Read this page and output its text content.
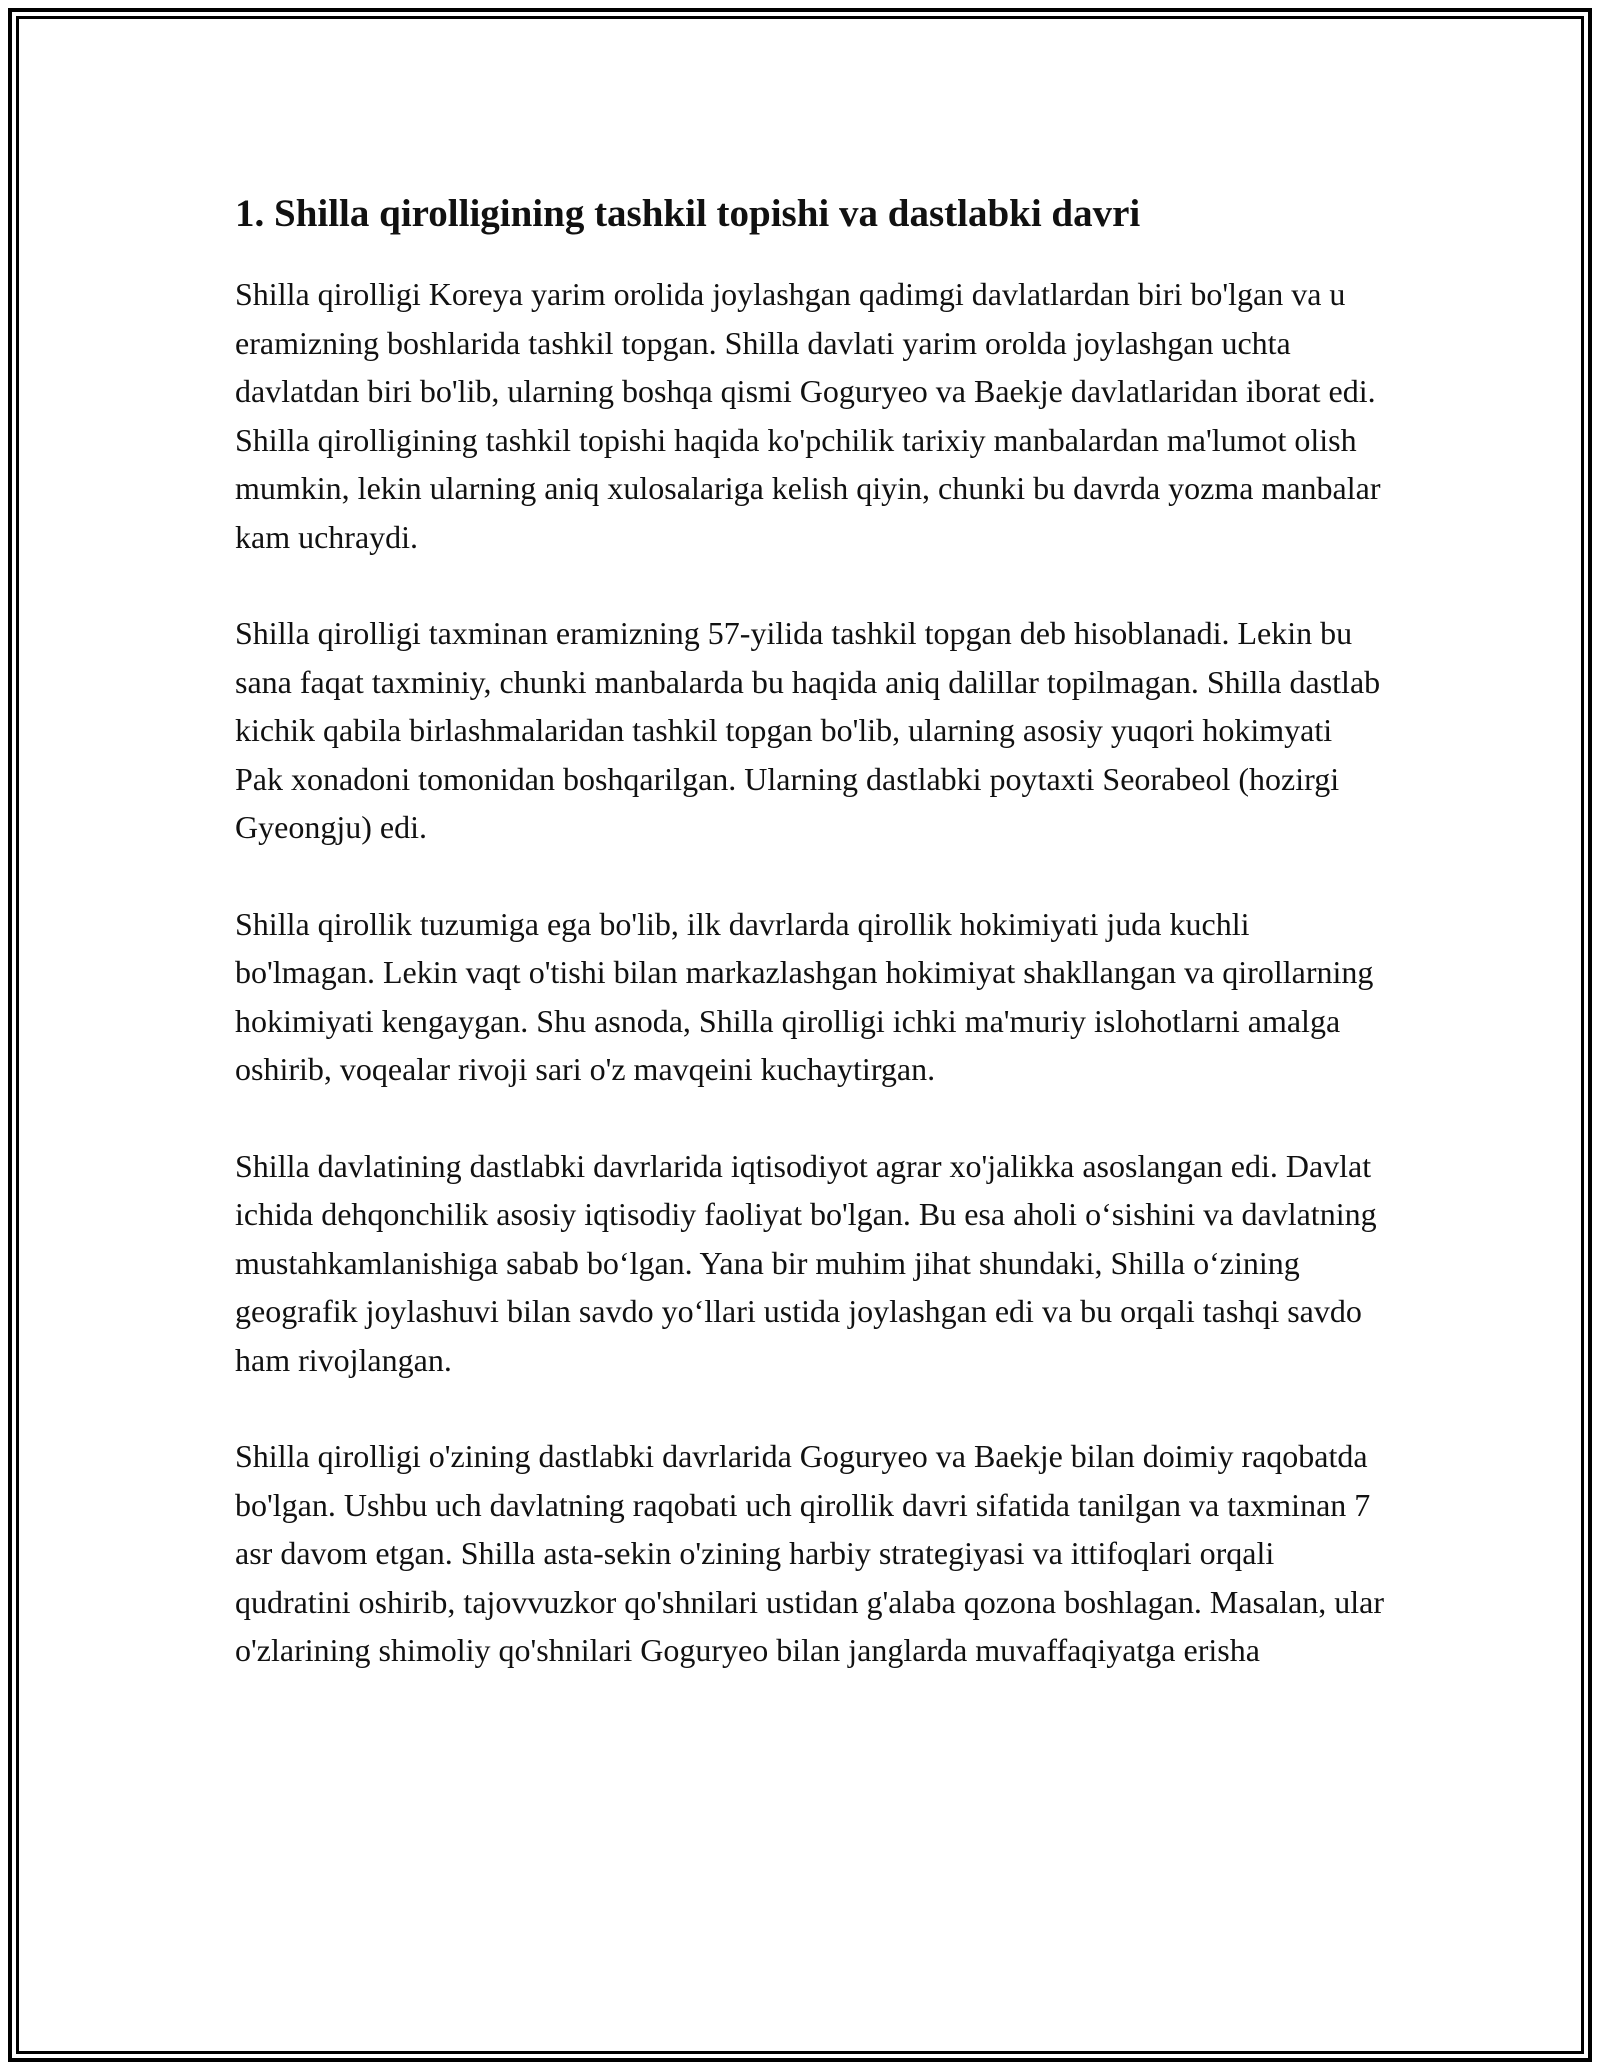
1. Shilla qirolligining tashkil topishi va dastlabki davri

Shilla qirolligi Koreya yarim orolida joylashgan qadimgi davlatlardan biri bo'lgan va u eramizning boshlarida tashkil topgan. Shilla davlati yarim orolda joylashgan uchta davlatdan biri bo'lib, ularning boshqa qismi Goguryeo va Baekje davlatlaridan iborat edi. Shilla qirolligining tashkil topishi haqida ko'pchilik tarixiy manbalardan ma'lumot olish mumkin, lekin ularning aniq xulosalariga kelish qiyin, chunki bu davrda yozma manbalar kam uchraydi.

Shilla qirolligi taxminan eramizning 57-yilida tashkil topgan deb hisoblanadi. Lekin bu sana faqat taxminiy, chunki manbalarda bu haqida aniq dalillar topilmagan. Shilla dastlab kichik qabila birlashmalaridan tashkil topgan bo'lib, ularning asosiy yuqori hokimyati Pak xonadoni tomonidan boshqarilgan. Ularning dastlabki poytaxti Seorabeol (hozirgi Gyeongju) edi.

Shilla qirollik tuzumiga ega bo'lib, ilk davrlarda qirollik hokimiyati juda kuchli bo'lmagan. Lekin vaqt o'tishi bilan markazlashgan hokimiyat shakllangan va qirollarning hokimiyati kengaygan. Shu asnoda, Shilla qirolligi ichki ma'muriy islohotlarni amalga oshirib, voqealar rivoji sari o'z mavqeini kuchaytirgan.

Shilla davlatining dastlabki davrlarida iqtisodiyot agrar xo'jalikka asoslangan edi. Davlat ichida dehqonchilik asosiy iqtisodiy faoliyat bo'lgan. Bu esa aholi o‘sishini va davlatning mustahkamlanishiga sabab bo‘lgan. Yana bir muhim jihat shundaki, Shilla o‘zining geografik joylashuvi bilan savdo yo‘llari ustida joylashgan edi va bu orqali tashqi savdo ham rivojlangan.

Shilla qirolligi o'zining dastlabki davrlarida Goguryeo va Baekje bilan doimiy raqobatda bo'lgan. Ushbu uch davlatning raqobati uch qirollik davri sifatida tanilgan va taxminan 7 asr davom etgan. Shilla asta-sekin o'zining harbiy strategiyasi va ittifoqlari orqali qudratini oshirib, tajovvuzkor qo'shnilari ustidan g'alaba qozona boshlagan. Masalan, ular o'zlarining shimoliy qo'shnilari Goguryeo bilan janglarda muvaffaqiyatga erisha
